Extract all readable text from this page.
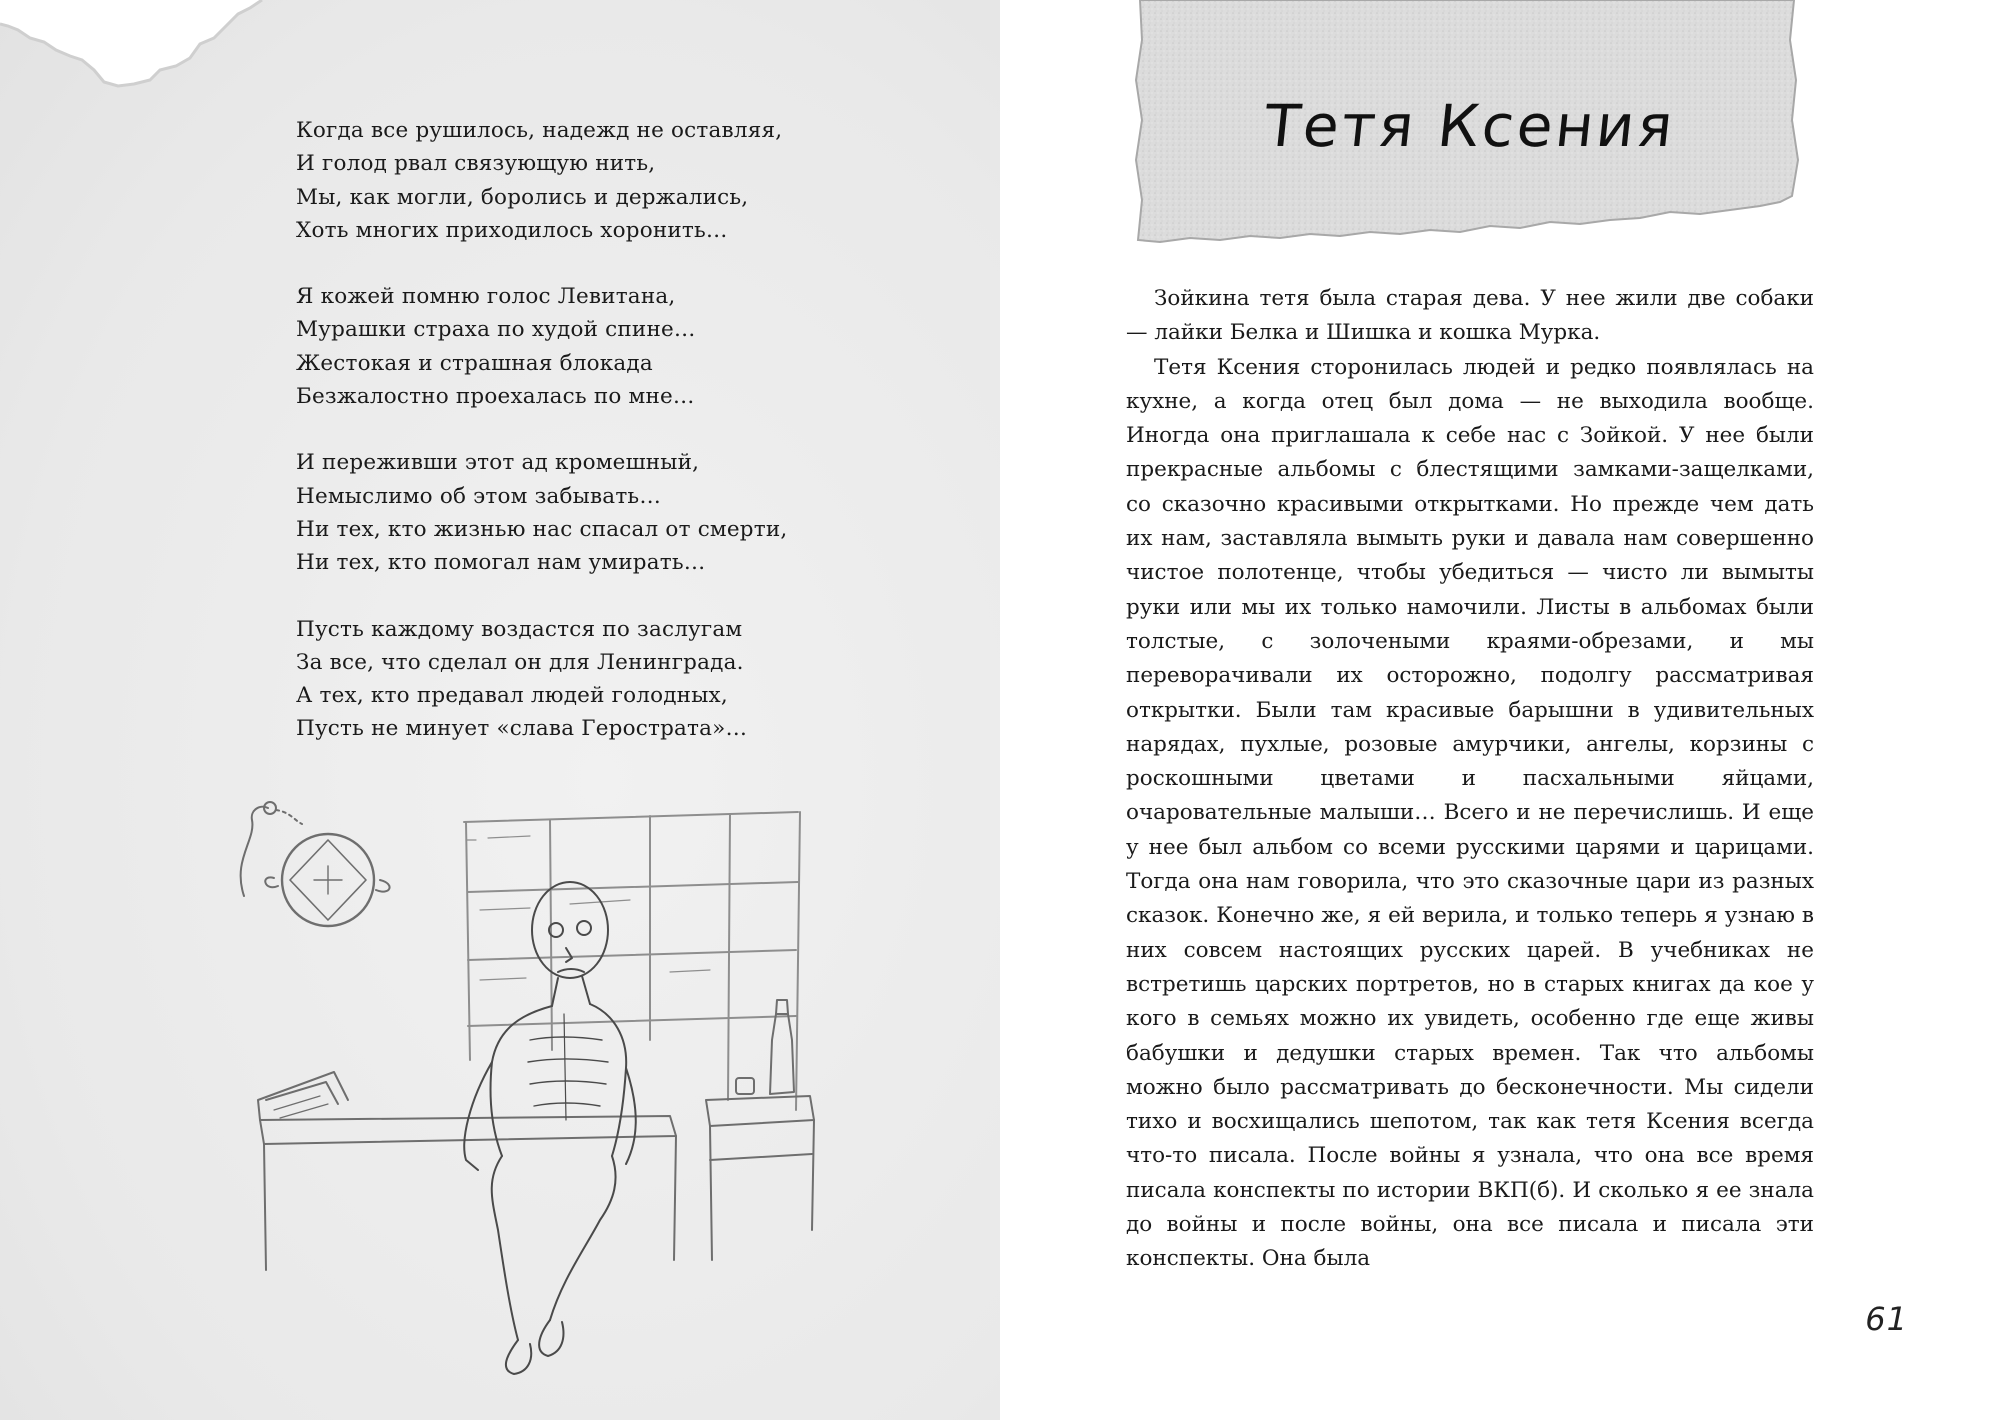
Когда все рушилось, надежд не оставляя,
И голод рвал связующую нить,
Мы, как могли, боролись и держались,
Хоть многих приходилось хоронить…
Я кожей помню голос Левитана,
Мурашки страха по худой спине…
Жестокая и страшная блокада
Безжалостно проехалась по мне…
И переживши этот ад кромешный,
Немыслимо об этом забывать…
Ни тех, кто жизнью нас спасал от смерти,
Ни тех, кто помогал нам умирать…
Пусть каждому воздастся по заслугам
За все, что сделал он для Ленинграда.
А тех, кто предавал людей голодных,
Пусть не минует «слава Герострата»…
Тетя Ксения

Зойкина тетя была старая дева. У нее жили две собаки — лайки Белка и Шишка и кошка Мурка.

Тетя Ксения сторонилась людей и редко появлялась на кухне, а когда отец был дома — не выходила вообще. Иногда она приглашала к себе нас с Зойкой. У нее были прекрасные альбомы с блестящими замками-защелками, со сказочно красивыми открытками. Но прежде чем дать их нам, заставляла вымыть руки и давала нам совершенно чистое полотенце, чтобы убедиться — чисто ли вымыты руки или мы их только намочили. Листы в альбомах были толстые, с золочеными краями-обрезами, и мы переворачивали их осторожно, подолгу рассматривая открытки. Были там красивые барышни в удивительных нарядах, пухлые, розовые амурчики, ангелы, корзины с роскошными цветами и пасхальными яйцами, очаровательные малыши… Всего и не перечислишь. И еще у нее был альбом со всеми русскими царями и царицами. Тогда она нам говорила, что это сказочные цари из разных сказок. Конечно же, я ей верила, и только теперь я узнаю в них совсем настоящих русских царей. В учебниках не встретишь царских портретов, но в старых книгах да кое у кого в семьях можно их увидеть, особенно где еще живы бабушки и дедушки старых времен. Так что альбомы можно было рассматривать до бесконечности. Мы сидели тихо и восхищались шепотом, так как тетя Ксения всегда что-то писала. После войны я узнала, что она все время писала конспекты по истории ВКП(б). И сколько я ее знала до войны и после войны, она все писала и писала эти конспекты. Она была

61
